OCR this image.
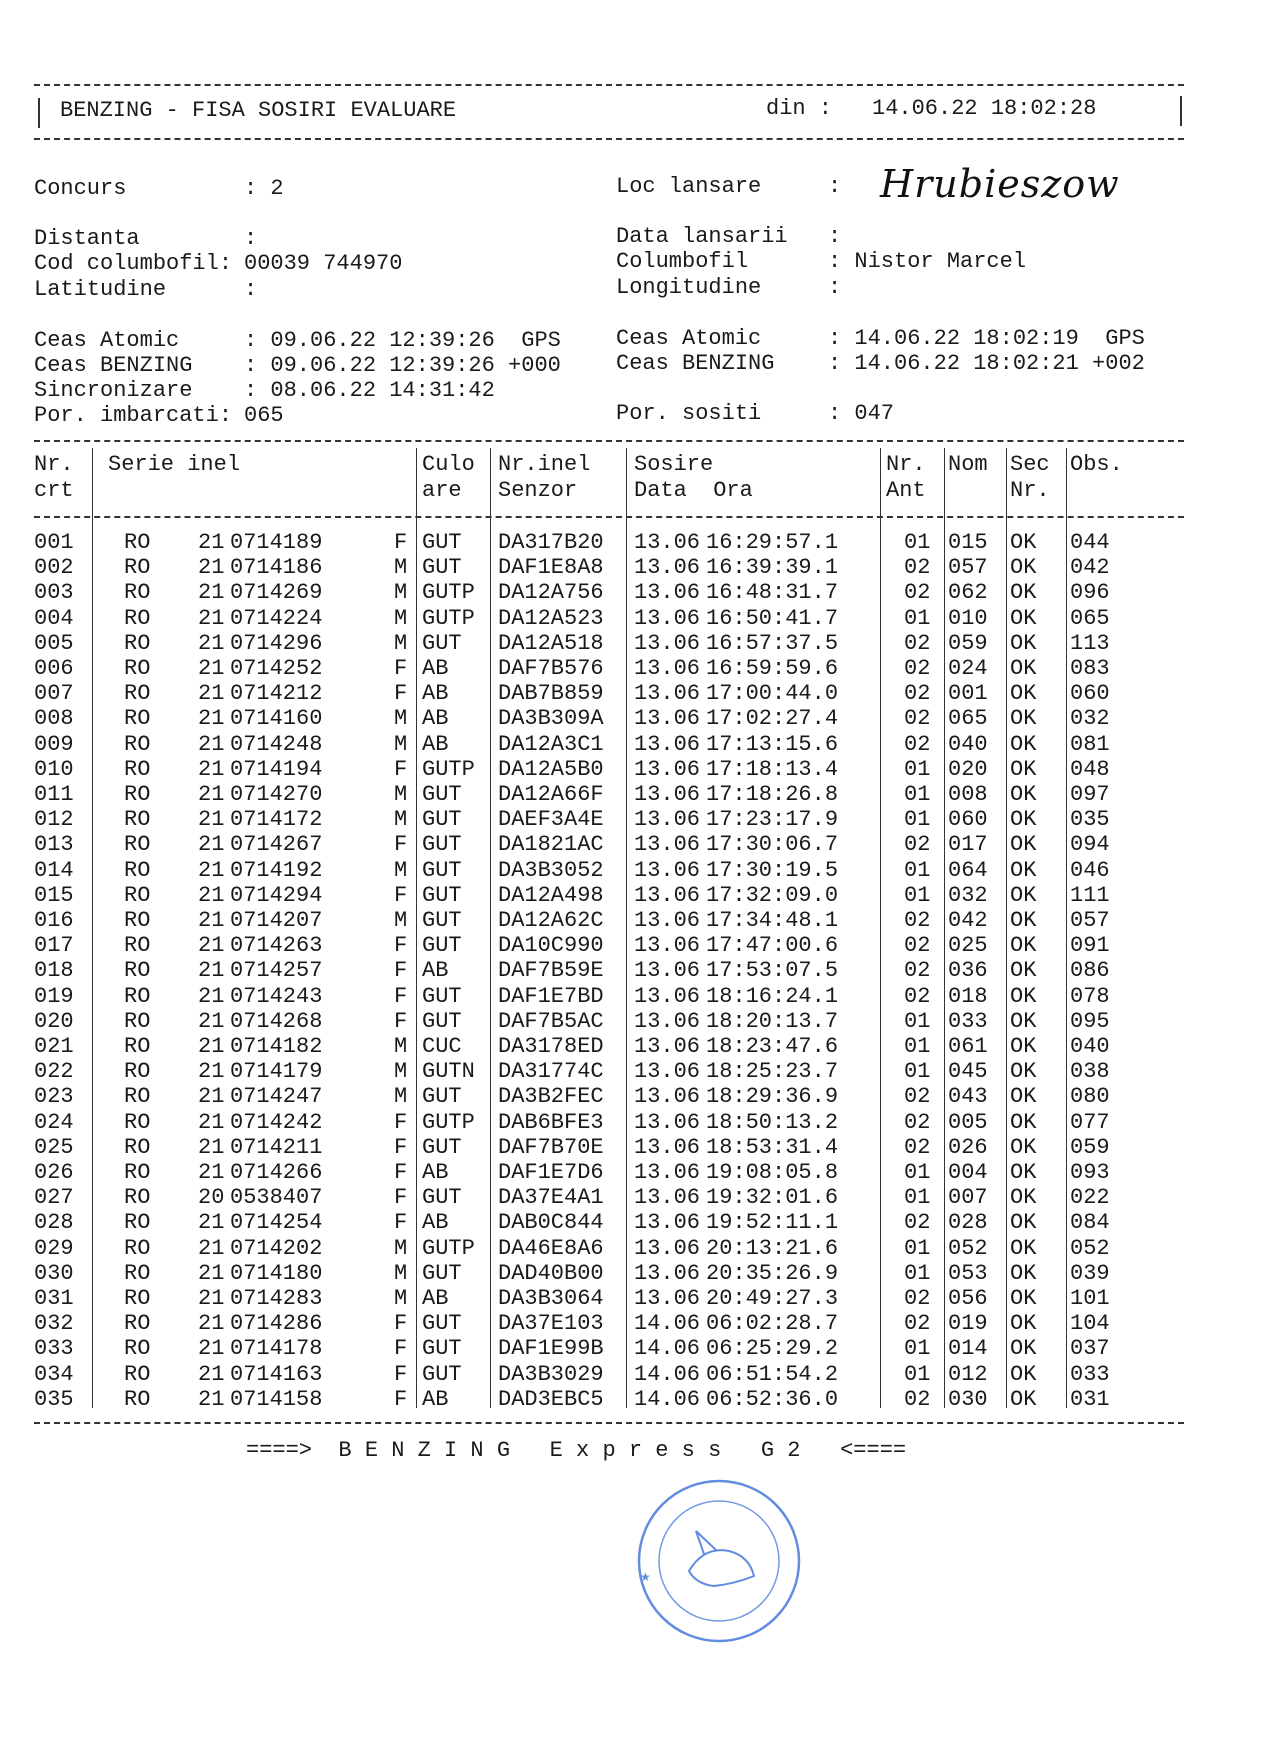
BENZING - FISA SOSIRI EVALUARE	din : 14.06.22 18:02:28
Concurs	: 2
Distanta	:
Cod columbofil: 00039 744970
Latitudine	:
Loc lansare	: Hrubieszow
Data lansarii :
Columbofil	: Nistor Marcel
Longitudine	:
Ceas Atomic	: 09.06.22 12:39:26  GPS
Ceas BENZING : 09.06.22 12:39:26 +000
Sincronizare : 08.06.22 14:31:42
Por. imbarcati: 065
Ceas Atomic	: 14.06.22 18:02:19  GPS
Ceas BENZING : 14.06.22 18:02:21 +002
Por. sositi	: 047
Nr.
crt
Serie inel	Culo
are
Nr.inel
Senzor
Sosire
Data  Ora
Nr.
Ant
Nom Sec
Nr.
Obs.
001 RO 21 0714189	F GUT DA317B20 13.06 16:29:57.1	01 015 OK 044
002 RO 21 0714186	M GUT DAF1E8A8 13.06 16:39:39.1	02 057 OK 042
003 RO 21 0714269	M GUTP DA12A756 13.06 16:48:31.7	02 062 OK 096
004 RO 21 0714224	M GUTP DA12A523 13.06 16:50:41.7	01 010 OK 065
005 RO 21 0714296	M GUT DA12A518 13.06 16:57:37.5	02 059 OK 113
006 RO 21 0714252	F AB DAF7B576 13.06 16:59:59.6	02 024 OK 083
007 RO 21 0714212	F AB DAB7B859 13.06 17:00:44.0	02 001 OK 060
008 RO 21 0714160	M AB DA3B309A 13.06 17:02:27.4	02 065 OK 032
009 RO 21 0714248	M AB DA12A3C1 13.06 17:13:15.6	02 040 OK 081
010 RO 21 0714194	F GUTP DA12A5B0 13.06 17:18:13.4	01 020 OK 048
011 RO 21 0714270	M GUT DA12A66F 13.06 17:18:26.8	01 008 OK 097
012 RO 21 0714172	M GUT DAEF3A4E 13.06 17:23:17.9	01 060 OK 035
013 RO 21 0714267	F GUT DA1821AC 13.06 17:30:06.7	02 017 OK 094
014 RO 21 0714192	M GUT DA3B3052 13.06 17:30:19.5	01 064 OK 046
015 RO 21 0714294	F GUT DA12A498 13.06 17:32:09.0	01 032 OK 111
016 RO 21 0714207	M GUT DA12A62C 13.06 17:34:48.1	02 042 OK 057
017 RO 21 0714263	F GUT DA10C990 13.06 17:47:00.6	02 025 OK 091
018 RO 21 0714257	F AB DAF7B59E 13.06 17:53:07.5	02 036 OK 086
019 RO 21 0714243	F GUT DAF1E7BD 13.06 18:16:24.1	02 018 OK 078
020 RO 21 0714268	F GUT DAF7B5AC 13.06 18:20:13.7	01 033 OK 095
021 RO 21 0714182	M CUC DA3178ED 13.06 18:23:47.6	01 061 OK 040
022 RO 21 0714179	M GUTN DA31774C 13.06 18:25:23.7	01 045 OK 038
023 RO 21 0714247	M GUT DA3B2FEC 13.06 18:29:36.9	02 043 OK 080
024 RO 21 0714242	F GUTP DAB6BFE3 13.06 18:50:13.2	02 005 OK 077
025 RO 21 0714211	F GUT DAF7B70E 13.06 18:53:31.4	02 026 OK 059
026 RO 21 0714266	F AB DAF1E7D6 13.06 19:08:05.8	01 004 OK 093
027 RO 20 0538407	F GUT DA37E4A1 13.06 19:32:01.6	01 007 OK 022
028 RO 21 0714254	F AB DAB0C844 13.06 19:52:11.1	02 028 OK 084
029 RO 21 0714202	M GUTP DA46E8A6 13.06 20:13:21.6	01 052 OK 052
030 RO 21 0714180	M GUT DAD40B00 13.06 20:35:26.9	01 053 OK 039
031 RO 21 0714283	M AB DA3B3064 13.06 20:49:27.3	02 056 OK 101
032 RO 21 0714286	F GUT DA37E103 14.06 06:02:28.7	02 019 OK 104
033 RO 21 0714178	F GUT DAF1E99B 14.06 06:25:29.2	01 014 OK 037
034 RO 21 0714163	F GUT DA3B3029 14.06 06:51:54.2	01 012 OK 033
035 RO 21 0714158	F AB DAD3EBC5 14.06 06:52:36.0	02 030 OK 031
====>  B E N Z I N G   E x p r e s s   G 2   <====
★
